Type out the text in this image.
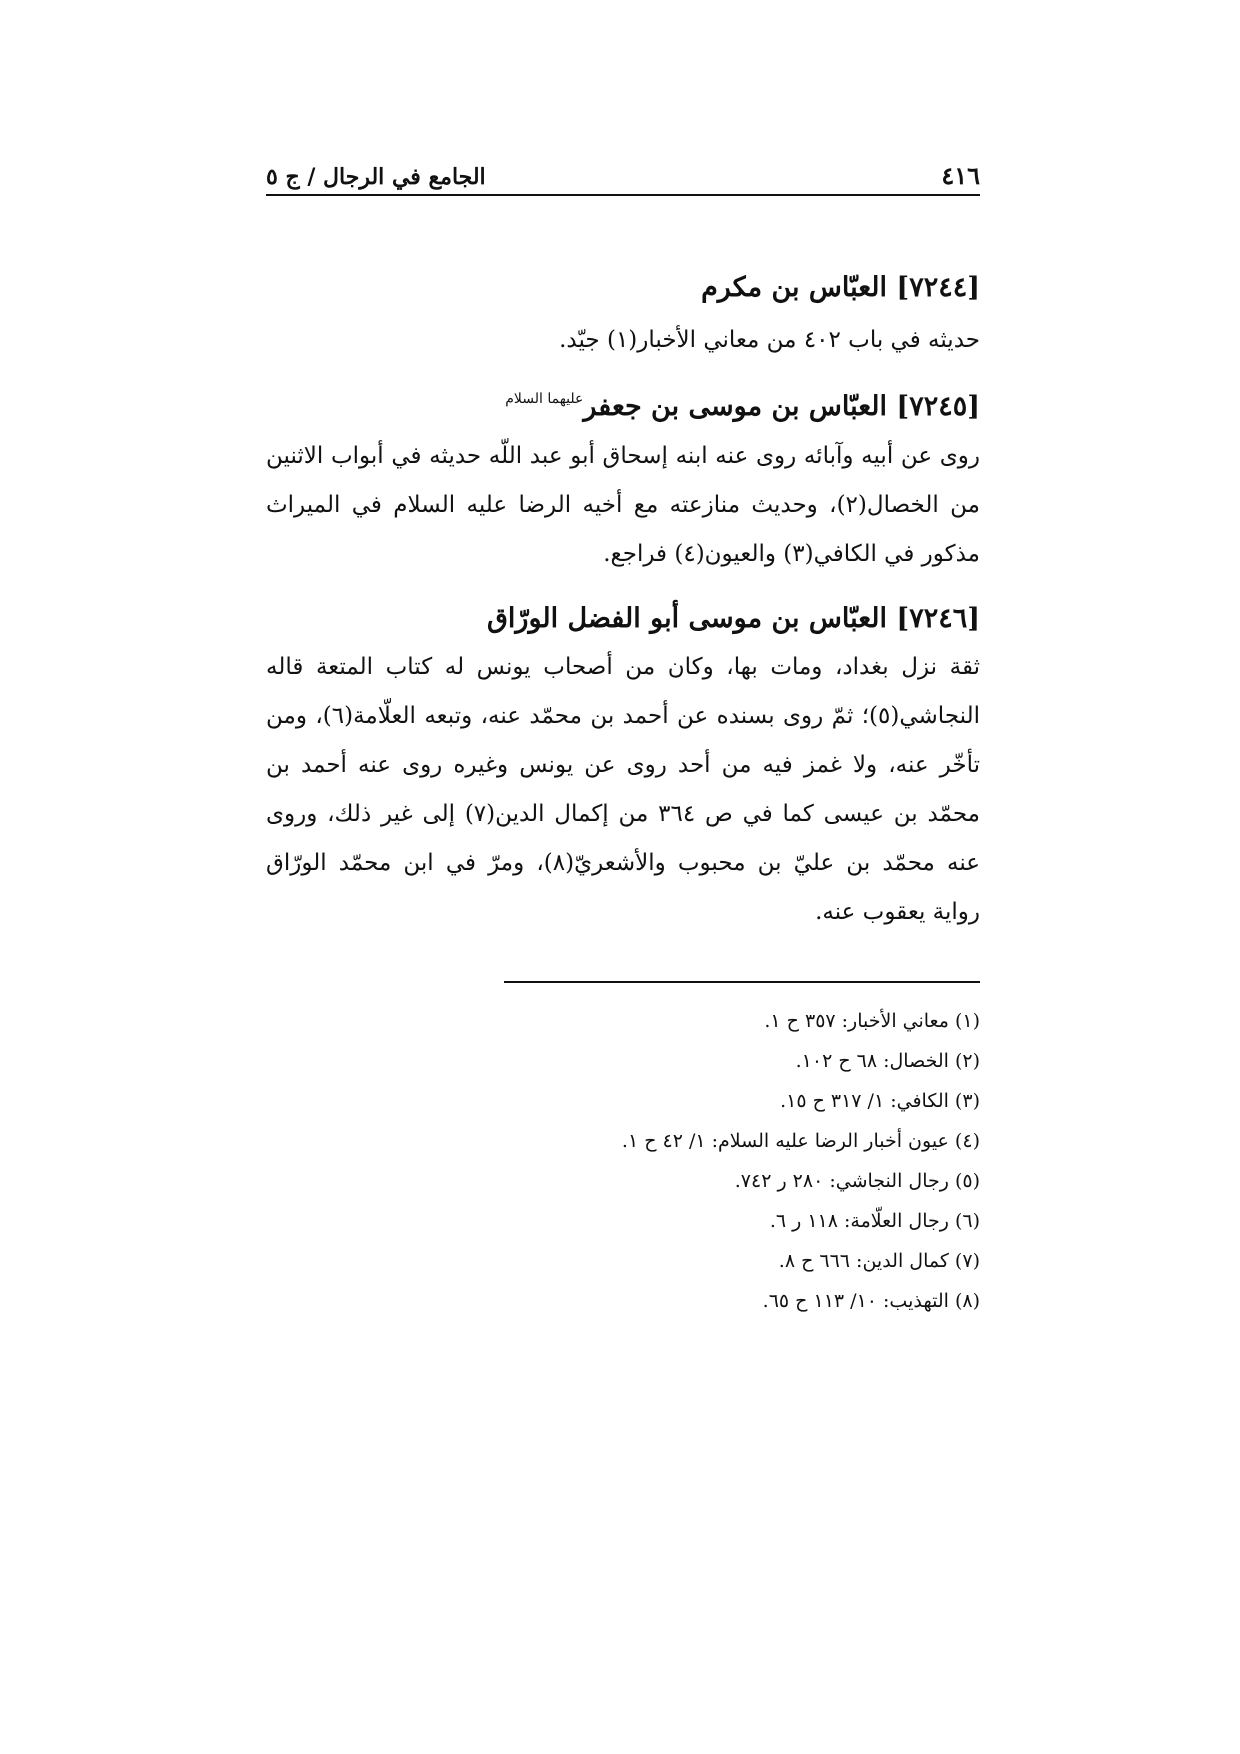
٤١٦
الجامع في الرجال / ج ٥

[٧٢٤٤] العبّاس بن مكرم

حديثه في باب ٤٠٢ من معاني الأخبار(١) جيّد.

[٧٢٤٥] العبّاس بن موسى بن جعفر$^{عليهما السلام}$

روى عن أبيه وآبائه روى عنه ابنه إسحاق أبو عبد اللّه حديثه في أبواب الاثنين من الخصال(٢)، وحديث منازعته مع أخيه الرضا عليه السلام في الميراث مذكور في الكافي(٣) والعيون(٤) فراجع.

[٧٢٤٦] العبّاس بن موسى أبو الفضل الورّاق

ثقة نزل بغداد، ومات بها، وكان من أصحاب يونس له كتاب المتعة قاله النجاشي(٥)؛ ثمّ روى بسنده عن أحمد بن محمّد عنه، وتبعه العلّامة(٦)، ومن تأخّر عنه، ولا غمز فيه من أحد روى عن يونس وغيره روى عنه أحمد بن محمّد بن عيسى كما في ص ٣٦٤ من إكمال الدين(٧) إلى غير ذلك، وروى عنه محمّد بن عليّ بن محبوب والأشعريّ(٨)، ومرّ في ابن محمّد الورّاق رواية يعقوب عنه.

(١) معاني الأخبار: ٣٥٧ ح ١.
(٢) الخصال: ٦٨ ح ١٠٢.
(٣) الكافي: ١/ ٣١٧ ح ١٥.
(٤) عيون أخبار الرضا عليه السلام: ١/ ٤٢ ح ١.
(٥) رجال النجاشي: ٢٨٠ ر ٧٤٢.
(٦) رجال العلّامة: ١١٨ ر ٦.
(٧) كمال الدين: ٦٦٦ ح ٨.
(٨) التهذيب: ١٠/ ١١٣ ح ٦٥.
